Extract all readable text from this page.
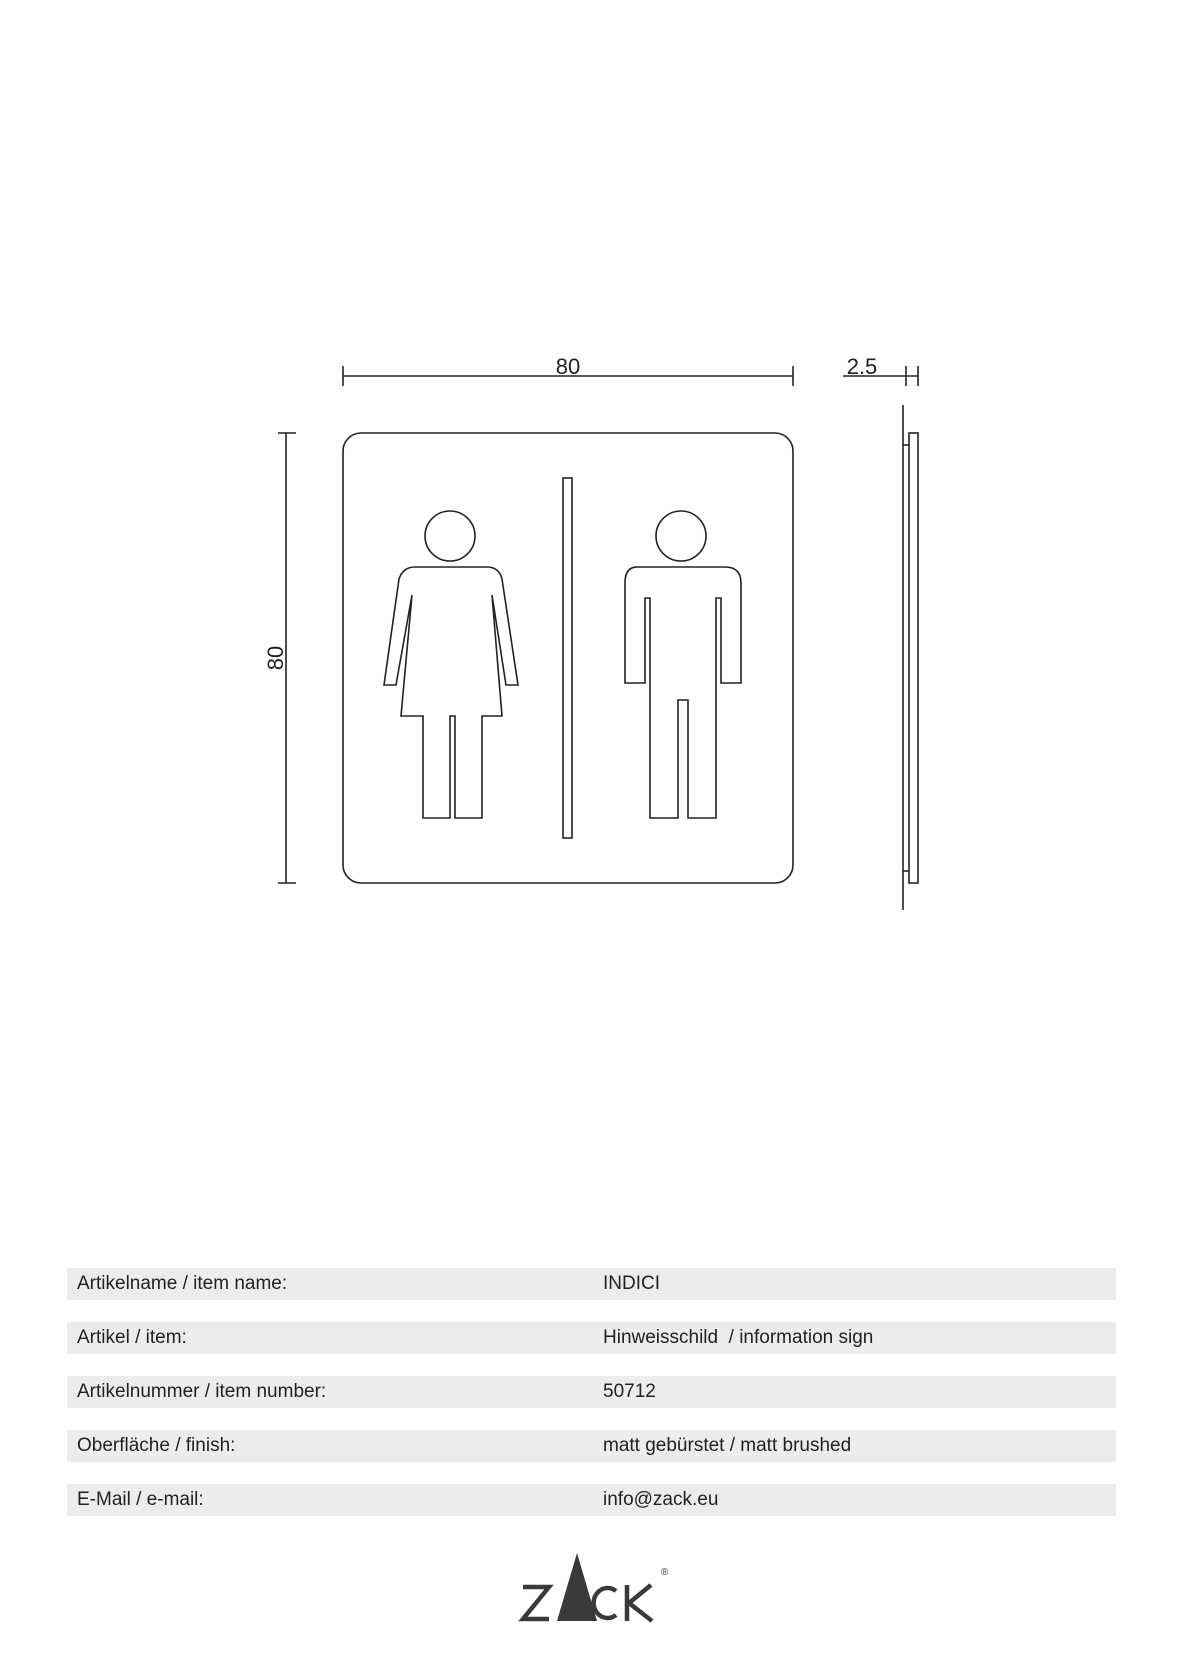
80	2.5
80
Artikelname / item name:	INDICI
Artikel / item:	Hinweisschild  / information sign
Artikelnummer / item number:	50712
Oberfläche / finish:	matt gebürstet / matt brushed
E-Mail / e-mail:	info@zack.eu
®
